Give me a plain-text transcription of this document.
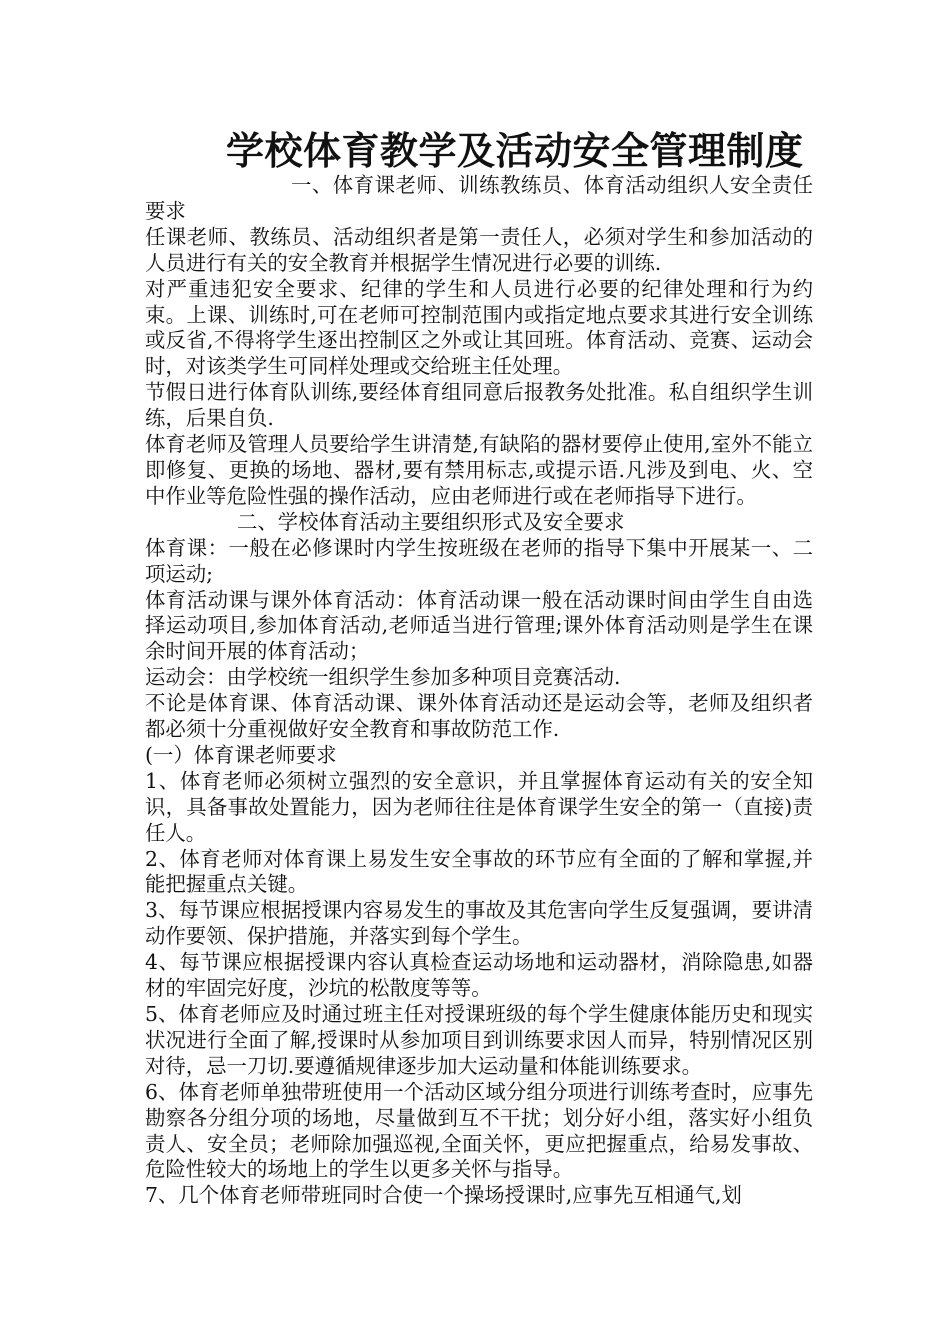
学校体育教学及活动安全管理制度

一、体育课老师、训练教练员、体育活动组织人安全责任要求

任课老师、教练员、活动组织者是第一责任人，必须对学生和参加活动的人员进行有关的安全教育并根据学生情况进行必要的训练.

对严重违犯安全要求、纪律的学生和人员进行必要的纪律处理和行为约束。上课、训练时,可在老师可控制范围内或指定地点要求其进行安全训练或反省,不得将学生逐出控制区之外或让其回班。体育活动、竞赛、运动会时，对该类学生可同样处理或交给班主任处理。

节假日进行体育队训练,要经体育组同意后报教务处批准。私自组织学生训练，后果自负.

体育老师及管理人员要给学生讲清楚,有缺陷的器材要停止使用,室外不能立即修复、更换的场地、器材,要有禁用标志,或提示语.凡涉及到电、火、空中作业等危险性强的操作活动，应由老师进行或在老师指导下进行。

二、学校体育活动主要组织形式及安全要求

体育课：一般在必修课时内学生按班级在老师的指导下集中开展某一、二项运动;

体育活动课与课外体育活动：体育活动课一般在活动课时间由学生自由选择运动项目,参加体育活动,老师适当进行管理;课外体育活动则是学生在课余时间开展的体育活动；

运动会：由学校统一组织学生参加多种项目竞赛活动.

不论是体育课、体育活动课、课外体育活动还是运动会等，老师及组织者都必须十分重视做好安全教育和事故防范工作.

(一）体育课老师要求

1、体育老师必须树立强烈的安全意识，并且掌握体育运动有关的安全知识，具备事故处置能力，因为老师往往是体育课学生安全的第一（直接)责任人。

2、体育老师对体育课上易发生安全事故的环节应有全面的了解和掌握,并能把握重点关键。

3、每节课应根据授课内容易发生的事故及其危害向学生反复强调，要讲清动作要领、保护措施，并落实到每个学生。

4、每节课应根据授课内容认真检查运动场地和运动器材，消除隐患,如器材的牢固完好度，沙坑的松散度等等。

5、体育老师应及时通过班主任对授课班级的每个学生健康体能历史和现实状况进行全面了解,授课时从参加项目到训练要求因人而异，特别情况区别对待，忌一刀切.要遵循规律逐步加大运动量和体能训练要求。

6、体育老师单独带班使用一个活动区域分组分项进行训练考查时，应事先勘察各分组分项的场地，尽量做到互不干扰；划分好小组，落实好小组负责人、安全员；老师除加强巡视,全面关怀，更应把握重点，给易发事故、危险性较大的场地上的学生以更多关怀与指导。

7、几个体育老师带班同时合使一个操场授课时,应事先互相通气,划
